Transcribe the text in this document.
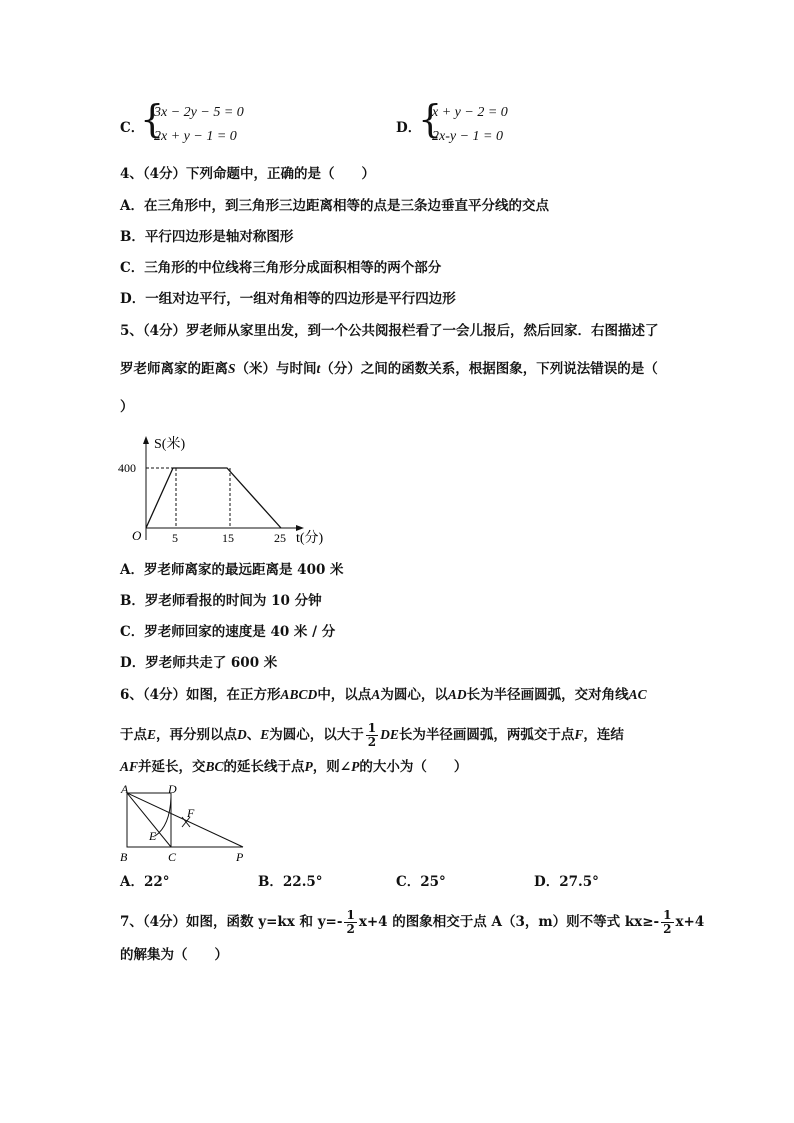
C．
{
3x − 2y − 5 = 0
2x + y − 1 = 0
D．
{
x + y − 2 = 0
2x-y − 1 = 0
4、（4分）下列命题中，正确的是（　　）
A．在三角形中，到三角形三边距离相等的点是三条边垂直平分线的交点
B．平行四边形是轴对称图形
C．三角形的中位线将三角形分成面积相等的两个部分
D．一组对边平行，一组对角相等的四边形是平行四边形
5、（4分）罗老师从家里出发，到一个公共阅报栏看了一会儿报后，然后回家．右图描述了
罗老师离家的距离S（米）与时间t（分）之间的函数关系，根据图象，下列说法错误的是（
）
S(米)
400
O	5	15	25 t(分)
A．罗老师离家的最远距离是 400 米
B．罗老师看报的时间为 10 分钟
C．罗老师回家的速度是 40 米 / 分
D．罗老师共走了 600 米
6、（4分）如图，在正方形ABCD中，以点A为圆心，以AD长为半径画圆弧，交对角线AC
于点E，再分别以点D、E为圆心，以大于 $\frac{1}{2}$ DE长为半径画圆弧，两弧交于点F，连结
AF并延长，交BC的延长线于点P，则∠P的大小为（　　）
A	D
F
E
B	C	P
A．22°	B．22.5°	C．25°	D．27.5°
7、（4分）如图，函数 y=kx 和 $y=- \frac{1}{2} x+4$ 的图象相交于点 A（3，m）则不等式 $kx\ge- \frac{1}{2} x+4$
的解集为（　　）
